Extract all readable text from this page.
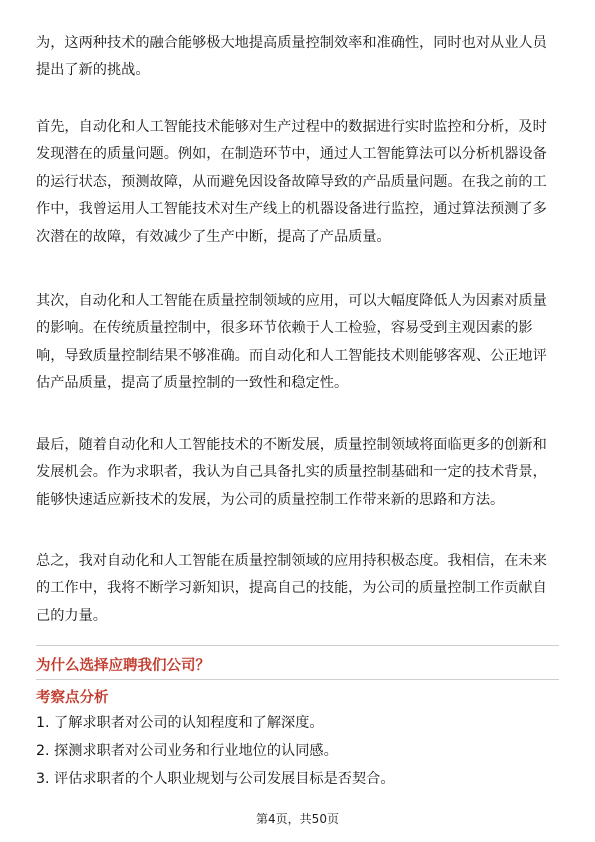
为，这两种技术的融合能够极大地提高质量控制效率和准确性，同时也对从业人员
提出了新的挑战。

首先，自动化和人工智能技术能够对生产过程中的数据进行实时监控和分析，及时
发现潜在的质量问题。例如，在制造环节中，通过人工智能算法可以分析机器设备
的运行状态，预测故障，从而避免因设备故障导致的产品质量问题。在我之前的工
作中，我曾运用人工智能技术对生产线上的机器设备进行监控，通过算法预测了多
次潜在的故障，有效减少了生产中断，提高了产品质量。

其次，自动化和人工智能在质量控制领域的应用，可以大幅度降低人为因素对质量
的影响。在传统质量控制中，很多环节依赖于人工检验，容易受到主观因素的影
响，导致质量控制结果不够准确。而自动化和人工智能技术则能够客观、公正地评
估产品质量，提高了质量控制的一致性和稳定性。

最后，随着自动化和人工智能技术的不断发展，质量控制领域将面临更多的创新和
发展机会。作为求职者，我认为自己具备扎实的质量控制基础和一定的技术背景，
能够快速适应新技术的发展，为公司的质量控制工作带来新的思路和方法。

总之，我对自动化和人工智能在质量控制领域的应用持积极态度。我相信，在未来
的工作中，我将不断学习新知识，提高自己的技能，为公司的质量控制工作贡献自
己的力量。

为什么选择应聘我们公司？

考察点分析

1. 了解求职者对公司的认知程度和了解深度。

2. 探测求职者对公司业务和行业地位的认同感。

3. 评估求职者的个人职业规划与公司发展目标是否契合。

第4页，共50页
